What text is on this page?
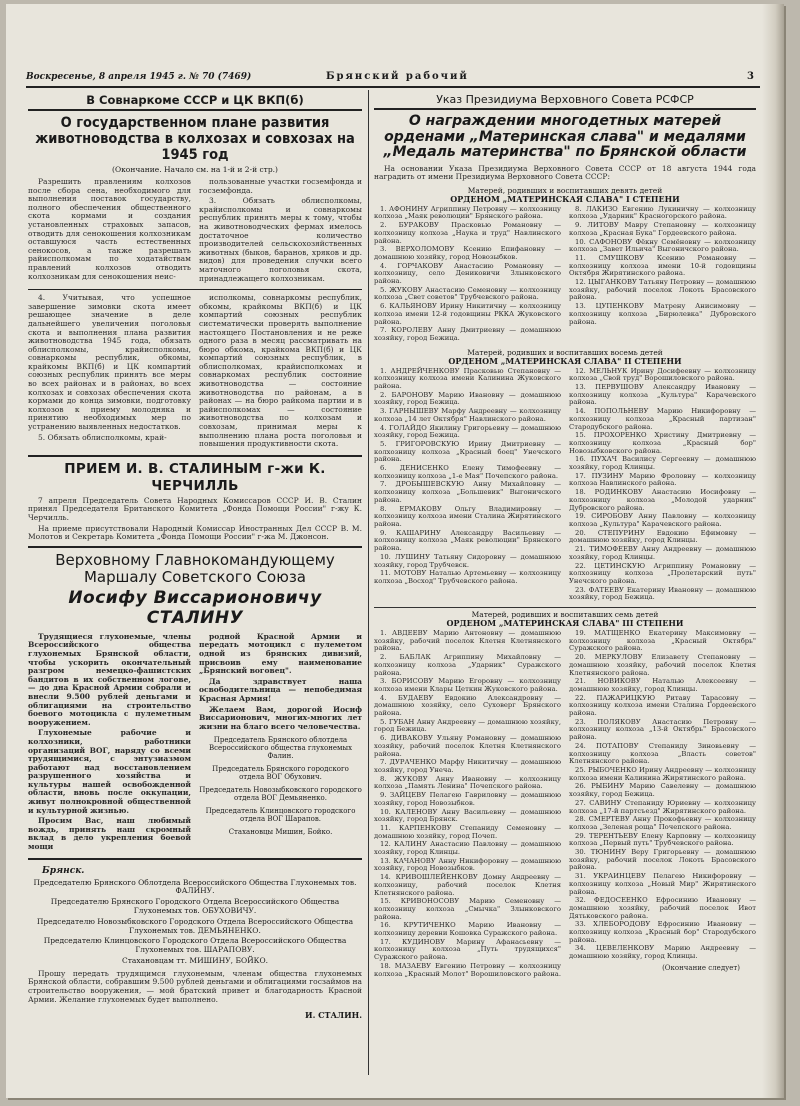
Воскресенье, 8 апреля 1945 г. № 70 (7469)	Брянский рабочий	3
В Совнаркоме СССР и ЦК ВКП(б)
О государственном плане развития животноводства в колхозах и совхозах на 1945 год
(Окончание. Начало см. на 1-й и 2-й стр.)

Разрешить правлениям колхозов после сбора сена, необходимого для выполнения поставок государству, полного обеспечения общественного скота кормами и создания установленных страховых запасов, отводить для сенокошения колхозникам оставшуюся часть естественных сенокосов, а также разрешать райисполкомам по ходатайствам правлений колхозов отводить колхозникам для сенокошения неис-

пользованные участки госземфонда и госземфонда.

3. Обязать облисполкомы, крайисполкомы и совнаркомы республик принять меры к тому, чтобы на животноводческих фермах имелось достаточное количество производителей сельскохозяйственных животных (быков, баранов, хряков и др. видов) для проведения случки всего маточного поголовья скота, принадлежащего колхозникам.

4. Учитывая, что успешное завершение зимовки скота имеет решающее значение в деле дальнейшего увеличения поголовья скота и выполнения плана развития животноводства 1945 года, обязать облисполкомы, крайисполкомы, совнаркомы республик, обкомы, крайкомы ВКП(б) и ЦК компартий союзных республик принять все меры во всех районах и в районах, во всех колхозах и совхозах обеспечения скота кормами до конца зимовки, подготовку колхозов к приему молодняка и принятию необходимых мер по устранению выявленных недостатков.

5. Обязать облисполкомы, край-

исполкомы, совнаркомы республик, обкомы, крайкомы ВКП(б) и ЦК компартий союзных республик систематически проверять выполнение настоящего Постановления и не реже одного раза в месяц рассматривать на бюро обкома, крайкома ВКП(б) и ЦК компартий союзных республик, в облисполкомах, крайисполкомах и совнаркомах республик состояние животноводства — состояние животноводства по районам, а в районах — на бюро райкома партии и в райисполкомах — состояние животноводства по колхозам и совхозам, принимая меры к выполнению плана роста поголовья и повышения продуктивности скота.

ПРИЕМ И. В. СТАЛИНЫМ г-жи К. ЧЕРЧИЛЛЬ

7 апреля Председатель Совета Народных Комиссаров СССР И. В. Сталин принял Председателя Британского Комитета „Фонда Помощи России" г-жу К. Черчилль.

На приеме присутствовали Народный Комиссар Иностранных Дел СССР В. М. Молотов и Секретарь Комитета „Фонда Помощи России" г-жа М. Джонсон.

Верховному Главнокомандующему Маршалу Советского Союза
Иосифу Виссарионовичу СТАЛИНУ

Трудящиеся глухонемые, члены Всероссийского общества глухонемых Брянской области, чтобы ускорить окончательный разгром немецко-фашистских бандитов в их собственном логове, — до дна Красной Армии собрали и внесли 9.500 рублей деньгами и облигациями на строительство боевого мотоцикла с пулеметным вооружением.

Глухонемые рабочие и колхозники, работники организаций ВОГ, наряду со всеми трудящимися, с энтузиазмом работают над восстановлением разрушенного хозяйства и культуры нашей освобожденной области, вновь после оккупации, живут полнокровной общественной и культурной жизнью.

Просим Вас, наш любимый вождь, принять наш скромный вклад в дело укрепления боевой мощи

родной Красной Армии и передать мотоцикл с пулеметом одной из брянских дивизий, присвоив ему наименование „Брянский воговец".

Да здравствует наша освободительница — непобедимая Красная Армия!

Желаем Вам, дорогой Иосиф Виссарионович, многих-многих лет жизни на благо всего человечества.

Председатель Брянского облотдела Всероссийского общества глухонемых Фалин.
Председатель Брянского городского отдела ВОГ Обухович.
Председатель Новозыбковского городского отдела ВОГ Демьяненко.
Председатель Клинцовского городского отдела ВОГ Шарапов.
Стахановцы Мишин, Бойко.
Брянск.
Председателю Брянского Облотдела Всероссийского Общества Глухонемых тов. ФАЛИНУ.
Председателю Брянского Городского Отдела Всероссийского Общества Глухонемых тов. ОБУХОВИЧУ.
Председателю Новозыбковского Городского Отдела Всероссийского Общества Глухонемых тов. ДЕМЬЯНЕНКО.
Председателю Клинцовского Городского Отдела Всероссийского Общества Глухонемых тов. ШАРАПОВУ.
Стахановцам тт. МИШИНУ, БОЙКО.

Прошу передать трудящимся глухонемым, членам общества глухонемых Брянской области, собравшим 9.500 рублей деньгами и облигациями госзаймов на строительство вооружения, — мой братский привет и благодарность Красной Армии. Желание глухонемых будет выполнено.

И. СТАЛИН.
Указ Президиума Верховного Совета РСФСР
О награждении многодетных матерей орденами „Материнская слава" и медалями „Медаль материнства" по Брянской области

На основании Указа Президиума Верховного Совета СССР от 18 августа 1944 года наградить от имени Президиума Верховного Совета СССР:

Матерей, родивших и воспитавших девять детей
ОРДЕНОМ „МАТЕРИНСКАЯ СЛАВА" I СТЕПЕНИ

1. АФОНИНУ Агриппину Петровну — колхозницу колхоза „Маяк революции" Брянского района.

2. БУРАКОВУ Прасковью Романовну — колхозницу колхоза „Наука и труд" Навлинского района.

3. ВЕРХОЛОМОВУ Ксению Епифановну — домашнюю хозяйку, город Новозыбков.

4. ГОРЧАКОВУ Анастасию Романовну — колхозницу, село Дениковичи Злынковского района.

5. ЖУКОВУ Анастасию Семеновну — колхозницу колхоза „Свет советов" Трубчевского района.

6. КАЛЬЯНОВУ Ирину Никитичну — колхозницу колхоза имени 12-й годовщины РККА Жуковского района.

7. КОРОЛЕВУ Анну Дмитриевну — домашнюю хозяйку, город Бежица.

8. ЛАКИЗО Евгению Лукиничну — колхозницу колхоза „Ударник" Красногорского района.

9. ЛИТОВУ Мавру Степановну — колхозницу колхоза „Красная Бука" Гордеевского района.

10. САФОНОВУ Фёкну Семёновну — колхозницу колхоза „Завет Ильича" Выгоничского района.

11. СМУШКОВУ Ксению Романовну — колхозницу колхоза имени 10-й годовщины Октября Жирятинского района.

12. ЦЫГАНКОВУ Татьяну Петровну — домашнюю хозяйку, рабочий поселок Локоть Брасовского района.

13. ЦУПЕНКОВУ Матрену Анисимовну — колхозницу колхоза „Бирюлевка" Дубровского района.

Матерей, родивших и воспитавших восемь детей
ОРДЕНОМ „МАТЕРИНСКАЯ СЛАВА" II СТЕПЕНИ

1. АНДРЕЙЧЕНКОВУ Прасковью Степановну — колхозницу колхоза имени Калинина Жуковского района.

2. БАРОНОВУ Марию Ивановну — домашнюю хозяйку, город Бежица.

3. ГАРНЫШЕВУ Марфу Андреевну — колхозницу колхоза „14 лет Октября" Навлинского района.

4. ГОЛАЙДО Якилину Григорьевну — домашнюю хозяйку, город Бежица.

5. ГРИГОРОВСКУЮ Ирину Дмитриевну — колхозницу колхоза „Красный боец" Унечского района.

6. ДЕНИСЕНКО Елену Тимофеевну — колхозницу колхоза „1-е Мая" Почепского района.

7. ДРОБЫШЕВСКУЮ Анну Михайловну — колхозницу колхоза „Большевик" Выгоничского района.

8. ЕРМАКОВУ Ольгу Владимировну — колхозницу колхоза имени Сталина Жирятинского района.

9. КАШАРИНУ Александру Васильевну — колхозницу колхоза „Маяк революции" Брянского района.

10. ЛУШИНУ Татьяну Сидоровну — домашнюю хозяйку, город Трубчевск.

11. МОТОВУ Наталью Артемьевну — колхозницу колхоза „Восход" Трубчевского района.

12. МЕЛЬНУК Ирину Досифеевну — колхозницу колхоза „Свой труд" Ворошиловского района.

13. ПЕРВУШОВУ Александру Ивановну — колхозницу колхоза „Культура" Карачевского района.

14. ПОПОЛЬНЕВУ Марию Никифоровну — колхозницу колхоза „Красный партизан" Стародубского района.

15. ПРОХОРЕНКО Христину Дмитриевну — колхозницу колхоза „Красный бор" Новозыбковского района.

16. ПУХАЧ Василису Сергеевну — домашнюю хозяйку, город Клинцы.

17. ПУЗИНУ Марию Фроловну — колхозницу колхоза Навлинского района.

18. РОДИНКОВУ Анастасию Иосифовну — колхозницу колхоза „Молодой ударник" Дубровского района.

19. СИРОБОВУ Анну Павловну — колхозницу колхоза „Культура" Карачевского района.

20. СТЕПУРИНУ Евдокию Ефимовну — домашнюю хозяйку, город Клинцы.

21. ТИМОФЕЕВУ Анну Андреевну — домашнюю хозяйку, город Клинцы.

22. ЦЕТИНСКУЮ Агриппину Романовну — колхозницу колхоза „Пролетарский путь" Унечского района.

23. ФАТЕЕВУ Екатерину Ивановну — домашнюю хозяйку, город Бежица.

Матерей, родивших и воспитавших семь детей
ОРДЕНОМ „МАТЕРИНСКАЯ СЛАВА" III СТЕПЕНИ

1. АВДЕЕВУ Марию Антоновну — домашнюю хозяйку, рабочий поселок Клетня Клетнянского района.

2. БАБЛАК Агриппину Михайловну — колхозницу колхоза „Ударник" Суражского района.

3. БОРИСОВУ Марию Егоровну — колхозницу колхоза имени Клары Цеткин Жуковского района.

4. БУДАЕВУ Евдокию Александровну — домашнюю хозяйку, село Суховерг Брянского района.

5. ГУБАН Анну Андреевну — домашнюю хозяйку, город Бежица.

6. ДИВАКОВУ Ульяну Романовну — домашнюю хозяйку, рабочий поселок Клетня Клетнянского района.

7. ДУРАЧЕНКО Марфу Никитичну — домашнюю хозяйку, город Унеча.

8. ЖУКОВУ Анну Ивановну — колхозницу колхоза „Память Ленина" Почепского района.

9. ЗАЙЦЕВУ Пелагею Гавриловну — домашнюю хозяйку, город Новозыбков.

10. КАЛЕНОВУ Анну Васильевну — домашнюю хозяйку, город Брянск.

11. КАРПЕНКОВУ Степаниду Семеновну — домашнюю хозяйку, город Почеп.

12. КАЛИНУ Анастасию Павловну — домашнюю хозяйку, город Клинцы.

13. КАЧАНОВУ Анну Никифоровну — домашнюю хозяйку, город Новозыбков.

14. КРИВОШЛЕЙЕНКОВУ Домну Андреевну — колхозницу, рабочий поселок Клетня Клетнянского района.

15. КРИВОНОСОВУ Марию Семеновну — колхозницу колхоза „Смычка" Злынковского района.

16. КРУТИЧЕНКО Марию Ивановну — колхозницу деревни Кошовка Суражского района.

17. КУДИНОВУ Марину Афанасьевну — колхозницу колхоза „Путь трудящихся" Суражского района.

18. МАЗАЕВУ Евгению Петровну — колхозницу колхоза „Красный Молот" Ворошиловского района.

19. МАТЩЕНКО Екатерину Максимовну — колхозницу колхоза „Красный Октябрь" Суражского района.

20. МЕРКУЛОВУ Елизавету Степановну — домашнюю хозяйку, рабочий поселок Клетня Клетнянского района.

21. НОВИКОВУ Наталью Алексеевну — домашнюю хозяйку, город Клинцы.

22. ПАЖАРИЦКУЮ Ритаву Тарасовну — колхозницу колхоза имени Сталина Гордеевского района.

23. ПОЛЯКОВУ Анастасию Петровну — колхозницу колхоза „13-й Октябрь" Брасовского района.

24. ПОТАПОВУ Степаниду Зиновьевну — колхозницу колхоза „Власть советов" Клетнянского района.

25. РЫБОЧЕНКО Ирину Андреевну — колхозницу колхоза имени Калинина Жирятинского района.

26. РЫБИНУ Марию Савелевну — домашнюю хозяйку, город Бежица.

27. САВИНУ Степаниду Юриевну — колхозницу колхоза „17-й партсъезд" Жирятинского района.

28. СМЕРТЕВУ Анну Прокофьевну — колхозницу колхоза „Зеленая роща" Почепского района.

29. ТЕРЕНТЬЕВУ Елену Карповну — колхозницу колхоза „Первый путь" Трубчевского района.

30. ТЮНИНУ Веру Григорьевну — домашнюю хозяйку, рабочий поселок Локоть Брасовского района.

31. УКРАИНЦЕВУ Пелагею Никифоровну — колхозницу колхоза „Новый Мир" Жирятинского района.

32. ФЕДОСЕЕНКО Ефросинию Ивановну — домашнюю хозяйку, рабочий поселок Ивот Дятьковского района.

33. ХЛЕБОРОДОВУ Ефросинию Ивановну — колхозницу колхоза „Красный бор" Стародубского района.

34. ЦЕВЕЛЕНКОВУ Марию Андреевну — домашнюю хозяйку, город Клинцы.

(Окончание следует)
